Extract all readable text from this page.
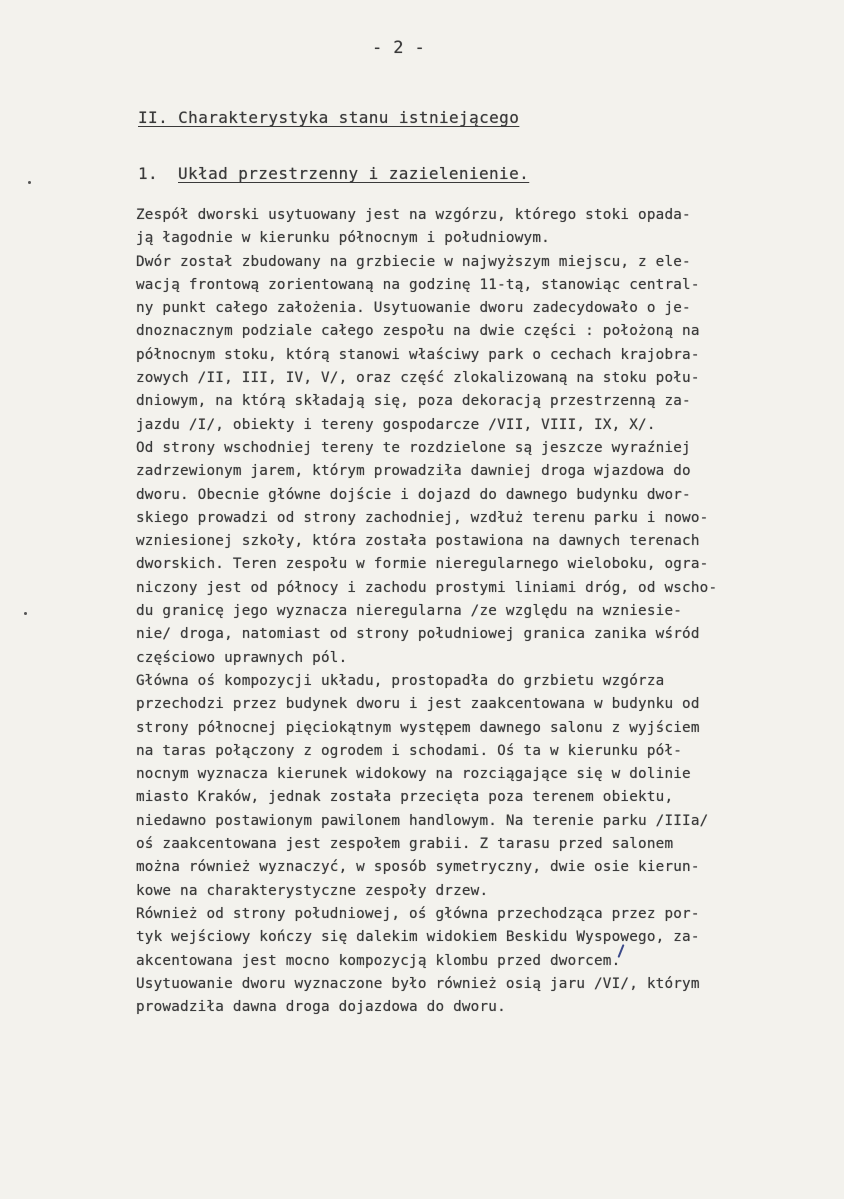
- 2 -
II. Charakterystyka stanu istniejącego
1. Układ przestrzenny i zazielenienie.
Zespół dworski usytuowany jest na wzgórzu, którego stoki opada-
ją łagodnie w kierunku północnym i południowym.
Dwór został zbudowany na grzbiecie w najwyższym miejscu, z ele-
wacją frontową zorientowaną na godzinę 11-tą, stanowiąc central-
ny punkt całego założenia. Usytuowanie dworu zadecydowało o je-
dnoznacznym podziale całego zespołu na dwie części : położoną na
północnym stoku, którą stanowi właściwy park o cechach krajobra-
zowych /II, III, IV, V/, oraz część zlokalizowaną na stoku połu-
dniowym, na którą składają się, poza dekoracją przestrzenną za-
jazdu /I/, obiekty i tereny gospodarcze /VII, VIII, IX, X/.
Od strony wschodniej tereny te rozdzielone są jeszcze wyraźniej
zadrzewionym jarem, którym prowadziła dawniej droga wjazdowa do
dworu. Obecnie główne dojście i dojazd do dawnego budynku dwor-
skiego prowadzi od strony zachodniej, wzdłuż terenu parku i nowo-
wzniesionej szkoły, która została postawiona na dawnych terenach
dworskich. Teren zespołu w formie nieregularnego wieloboku, ogra-
niczony jest od północy i zachodu prostymi liniami dróg, od wscho-
du granicę jego wyznacza nieregularna /ze względu na wzniesie-
nie/ droga, natomiast od strony południowej granica zanika wśród
częściowo uprawnych pól.
Główna oś kompozycji układu, prostopadła do grzbietu wzgórza
przechodzi przez budynek dworu i jest zaakcentowana w budynku od
strony północnej pięciokątnym występem dawnego salonu z wyjściem
na taras połączony z ogrodem i schodami. Oś ta w kierunku pół-
nocnym wyznacza kierunek widokowy na rozciągające się w dolinie
miasto Kraków, jednak została przecięta poza terenem obiektu,
niedawno postawionym pawilonem handlowym. Na terenie parku /IIIa/
oś zaakcentowana jest zespołem grabii. Z tarasu przed salonem
można również wyznaczyć, w sposób symetryczny, dwie osie kierun-
kowe na charakterystyczne zespoły drzew.
Również od strony południowej, oś główna przechodząca przez por-
tyk wejściowy kończy się dalekim widokiem Beskidu Wyspowego, za-
akcentowana jest mocno kompozycją klombu przed dworcem.
Usytuowanie dworu wyznaczone było również osią jaru /VI/, którym
prowadziła dawna droga dojazdowa do dworu.
